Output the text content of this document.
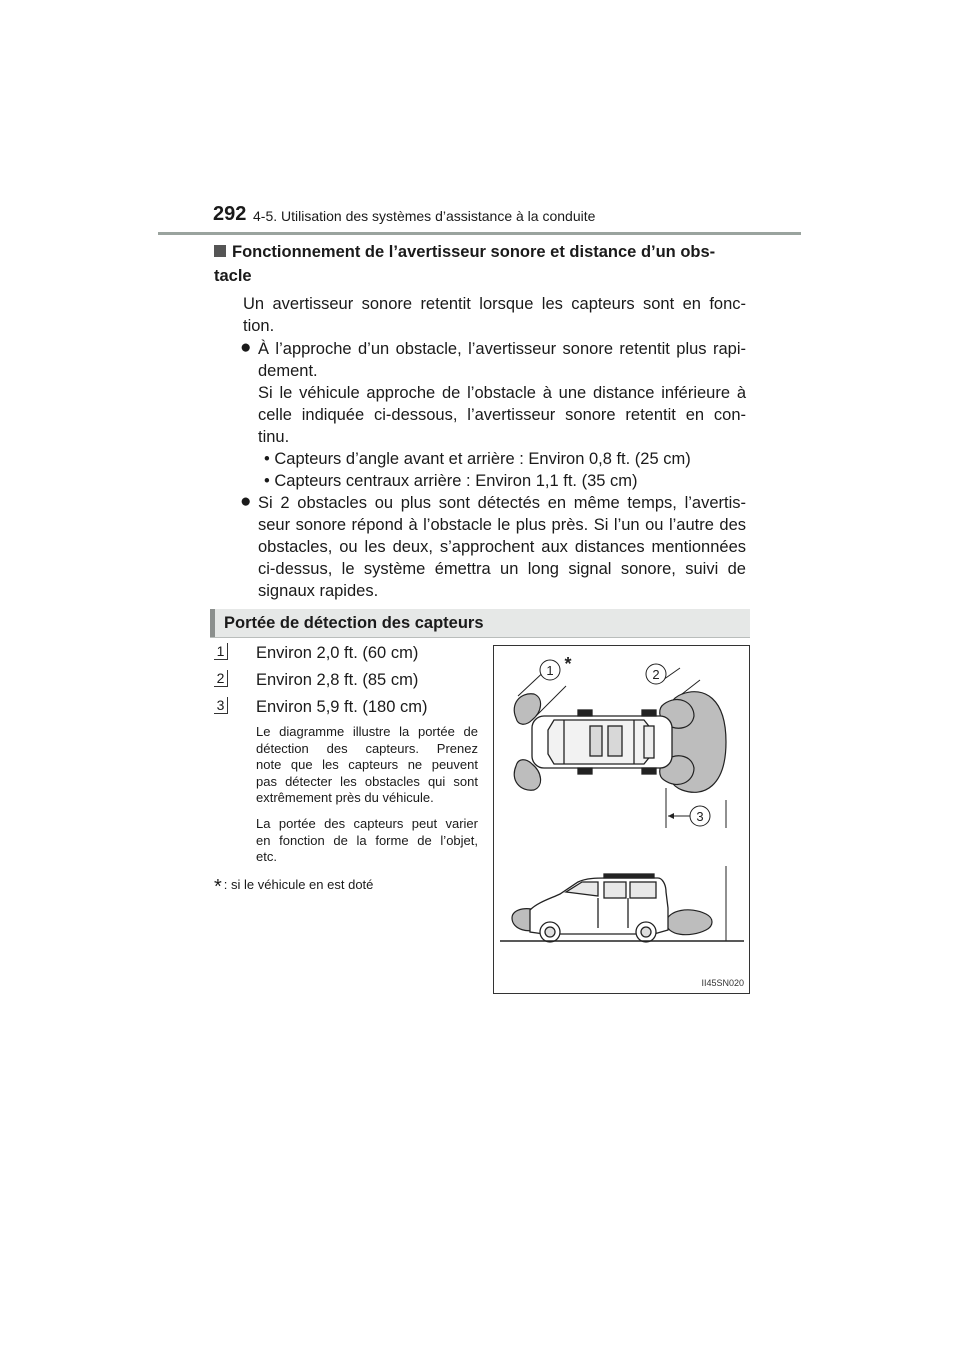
292 4-5. Utilisation des systèmes d’assistance à la conduite
Fonctionnement de l’avertisseur sonore et distance d’un obs-
tacle
Un avertisseur sonore retentit lorsque les capteurs sont en fonc-
tion.
● À l’approche d’un obstacle, l’avertisseur sonore retentit plus rapi-
dement.
Si le véhicule approche de l’obstacle à une distance inférieure à
celle indiquée ci-dessous, l’avertisseur sonore retentit en con-
tinu.
• Capteurs d’angle avant et arrière : Environ 0,8 ft. (25 cm)
• Capteurs centraux arrière : Environ 1,1 ft. (35 cm)
● Si 2 obstacles ou plus sont détectés en même temps, l’avertis-
seur sonore répond à l’obstacle le plus près. Si l’un ou l’autre des
obstacles, ou les deux, s’approchent aux distances mentionnées
ci-dessus, le système émettra un long signal sonore, suivi de
signaux rapides.
Portée de détection des capteurs
1 Environ 2,0 ft. (60 cm)
2 Environ 2,8 ft. (85 cm)
3 Environ 5,9 ft. (180 cm)
Le diagramme illustre la portée de
détection des capteurs. Prenez
note que les capteurs ne peuvent
pas détecter les obstacles qui sont
extrêmement près du véhicule.
La portée des capteurs peut varier
en fonction de la forme de l’objet,
etc.
* : si le véhicule en est doté
1	2
3
*
II45SN020
